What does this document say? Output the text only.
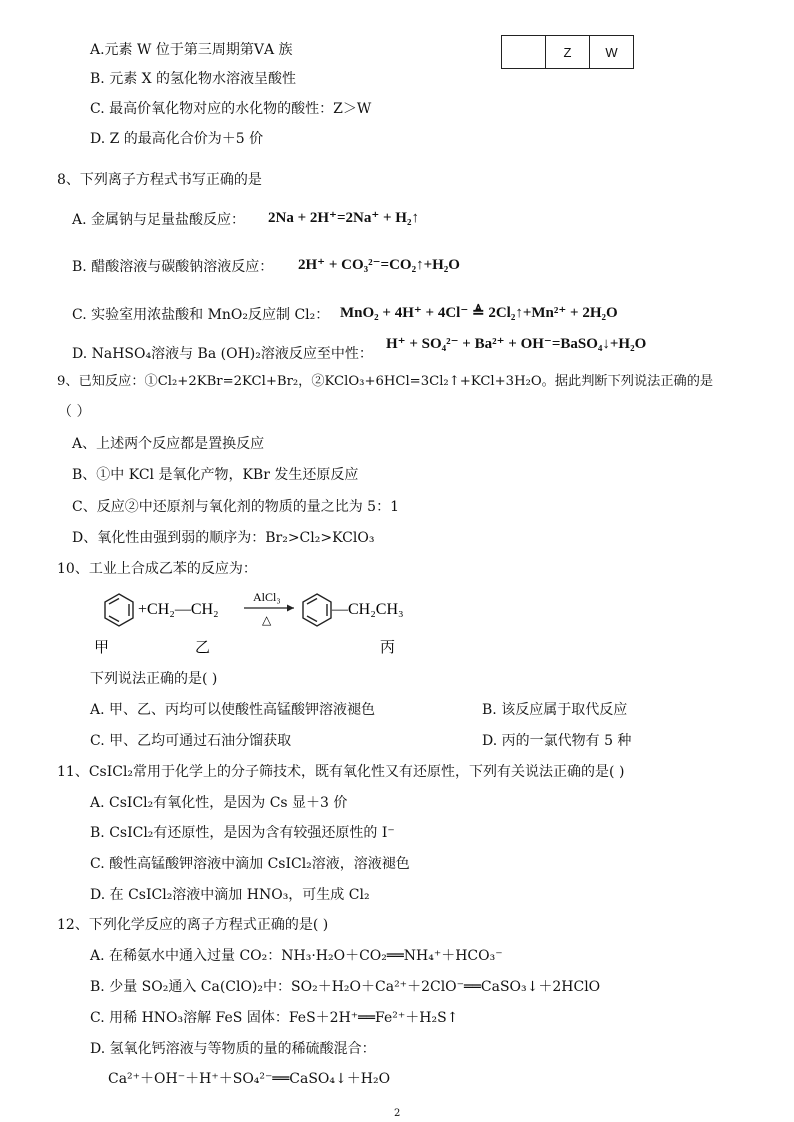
	Z	W
A.元素 W 位于第三周期第ⅤA 族
B. 元素 X 的氢化物水溶液呈酸性
C. 最高价氧化物对应的水化物的酸性：Z＞W
D. Z 的最高化合价为＋5 价
8、下列离子方程式书写正确的是
A. 金属钠与足量盐酸反应： 2Na + 2H⁺=2Na⁺ + H₂↑
B. 醋酸溶液与碳酸钠溶液反应： 2H⁺ + CO₃²⁻=CO₂↑+H₂O
C. 实验室用浓盐酸和 MnO₂反应制 Cl₂： MnO₂ + 4H⁺ + 4Cl⁻ ≜ 2Cl₂↑+Mn²⁺ + 2H₂O
D. NaHSO₄溶液与 Ba (OH)₂溶液反应至中性：
H⁺ + SO₄²⁻ + Ba²⁺ + OH⁻=BaSO₄↓+H₂O
9、已知反应：①Cl₂+2KBr=2KCl+Br₂，②KClO₃+6HCl=3Cl₂↑+KCl+3H₂O。据此判断下列说法正确的是
（ ）
A、上述两个反应都是置换反应
B、①中 KCl 是氧化产物，KBr 发生还原反应
C、反应②中还原剂与氧化剂的物质的量之比为 5：1
D、氧化性由强到弱的顺序为：Br₂>Cl₂>KClO₃
10、工业上合成乙苯的反应为：
+CH₂—CH₂
AlCl₃
△
—CH₂CH₃
甲	乙	丙
下列说法正确的是( )
A. 甲、乙、丙均可以使酸性高锰酸钾溶液褪色	B. 该反应属于取代反应
C. 甲、乙均可通过石油分馏获取	D. 丙的一氯代物有 5 种
11、CsICl₂常用于化学上的分子筛技术，既有氧化性又有还原性，下列有关说法正确的是( )
A. CsICl₂有氧化性，是因为 Cs 显＋3 价
B. CsICl₂有还原性，是因为含有较强还原性的 I⁻
C. 酸性高锰酸钾溶液中滴加 CsICl₂溶液，溶液褪色
D. 在 CsICl₂溶液中滴加 HNO₃，可生成 Cl₂
12、下列化学反应的离子方程式正确的是( )
A. 在稀氨水中通入过量 CO₂：NH₃·H₂O＋CO₂══NH₄⁺＋HCO₃⁻
B. 少量 SO₂通入 Ca(ClO)₂中：SO₂＋H₂O＋Ca²⁺＋2ClO⁻══CaSO₃↓＋2HClO
C. 用稀 HNO₃溶解 FeS 固体：FeS＋2H⁺══Fe²⁺＋H₂S↑
D. 氢氧化钙溶液与等物质的量的稀硫酸混合：
Ca²⁺＋OH⁻＋H⁺＋SO₄²⁻══CaSO₄↓＋H₂O
2
